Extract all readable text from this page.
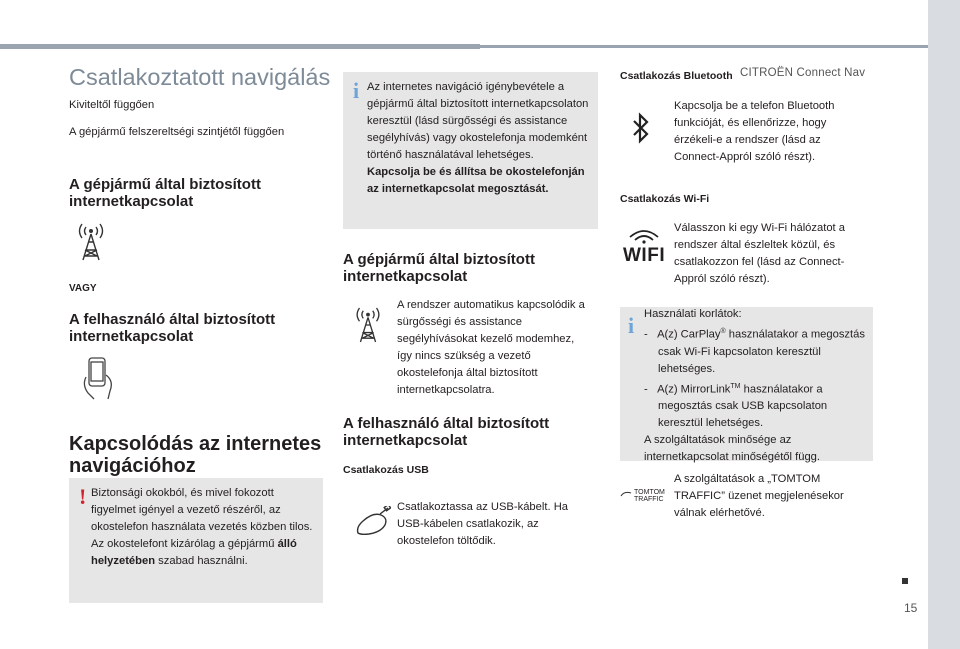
CITROËN Connect Nav
15
Csatlakoztatott navigálás

Kiviteltől függően

A gépjármű felszereltségi szintjétől függően

A gépjármű által biztosított internetkapcsolat

VAGY

A felhasználó által biztosított internetkapcsolat
Kapcsolódás az internetes navigációhoz
! Biztonsági okokból, és mivel fokozott figyelmet igényel a vezető részéről, az okostelefon használata vezetés közben tilos.
Az okostelefont kizárólag a gépjármű álló helyzetében szabad használni.
i Az internetes navigáció igénybevétele a gépjármű által biztosított internetkapcsolaton keresztül (lásd sürgősségi és assistance segélyhívás) vagy okostelefonja modemként történő használatával lehetséges.
Kapcsolja be és állítsa be okostelefonján az internetkapcsolat megosztását.
A gépjármű által biztosított internetkapcsolat

A rendszer automatikus kapcsolódik a sürgősségi és assistance segélyhívásokat kezelő modemhez, így nincs szükség a vezető okostelefonja által biztosított internetkapcsolatra.

A felhasználó által biztosított internetkapcsolat

Csatlakozás USB

Csatlakoztassa az USB-kábelt. Ha USB-kábelen csatlakozik, az okostelefon töltődik.

Csatlakozás Bluetooth

Kapcsolja be a telefon Bluetooth funkcióját, és ellenőrizze, hogy érzékeli-e a rendszer (lásd az Connect-Appról szóló részt).

Csatlakozás Wi-Fi

WIFI

Válasszon ki egy Wi-Fi hálózatot a rendszer által észleltek közül, és csatlakozzon fel (lásd az Connect-Appról szóló részt).

i Használati korlátok:
-   A(z) CarPlay® használatakor a megosztás csak Wi-Fi kapcsolaton keresztül lehetséges.
-   A(z) MirrorLink™ használatakor a megosztás csak USB kapcsolaton keresztül lehetséges.
A szolgáltatások minősége az internetkapcsolat minőségétől függ.
TOMTOM
TRAFFIC

A szolgáltatások a „TOMTOM TRAFFIC” üzenet megjelenésekor válnak elérhetővé.
